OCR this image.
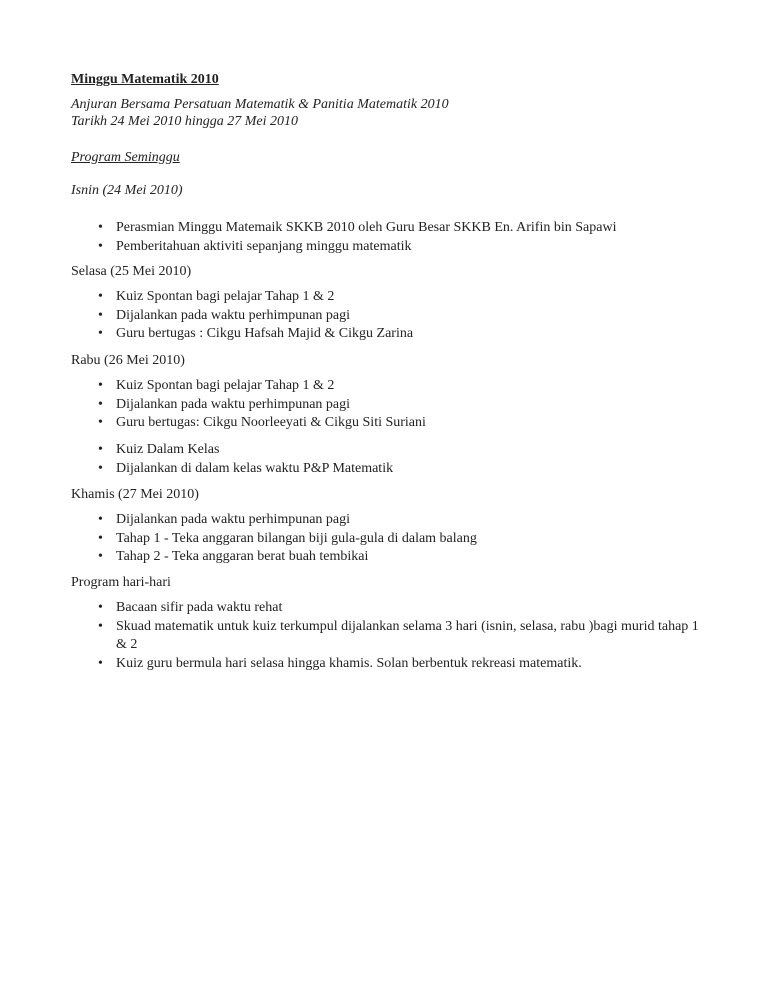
Minggu Matematik 2010
Anjuran Bersama Persatuan Matematik & Panitia Matematik 2010
Tarikh 24 Mei 2010 hingga 27 Mei 2010
Program Seminggu
Isnin (24 Mei 2010)
• Perasmian Minggu Matemaik SKKB 2010 oleh Guru Besar SKKB En. Arifin bin Sapawi
• Pemberitahuan aktiviti sepanjang minggu matematik
Selasa (25 Mei 2010)
• Kuiz Spontan bagi pelajar Tahap 1 & 2
• Dijalankan pada waktu perhimpunan pagi
• Guru bertugas : Cikgu Hafsah Majid & Cikgu Zarina
Rabu (26 Mei 2010)
• Kuiz Spontan bagi pelajar Tahap 1 & 2
• Dijalankan pada waktu perhimpunan pagi
• Guru bertugas: Cikgu Noorleeyati & Cikgu Siti Suriani
• Kuiz Dalam Kelas
• Dijalankan di dalam kelas waktu P&P Matematik
Khamis (27 Mei 2010)
• Dijalankan pada waktu perhimpunan pagi
• Tahap 1 - Teka anggaran bilangan biji gula-gula di dalam balang
• Tahap 2 - Teka anggaran berat buah tembikai
Program hari-hari
• Bacaan sifir pada waktu rehat
• Skuad matematik untuk kuiz terkumpul dijalankan selama 3 hari (isnin, selasa, rabu )bagi murid tahap 1 & 2
• Kuiz guru bermula hari selasa hingga khamis. Solan berbentuk rekreasi matematik.
